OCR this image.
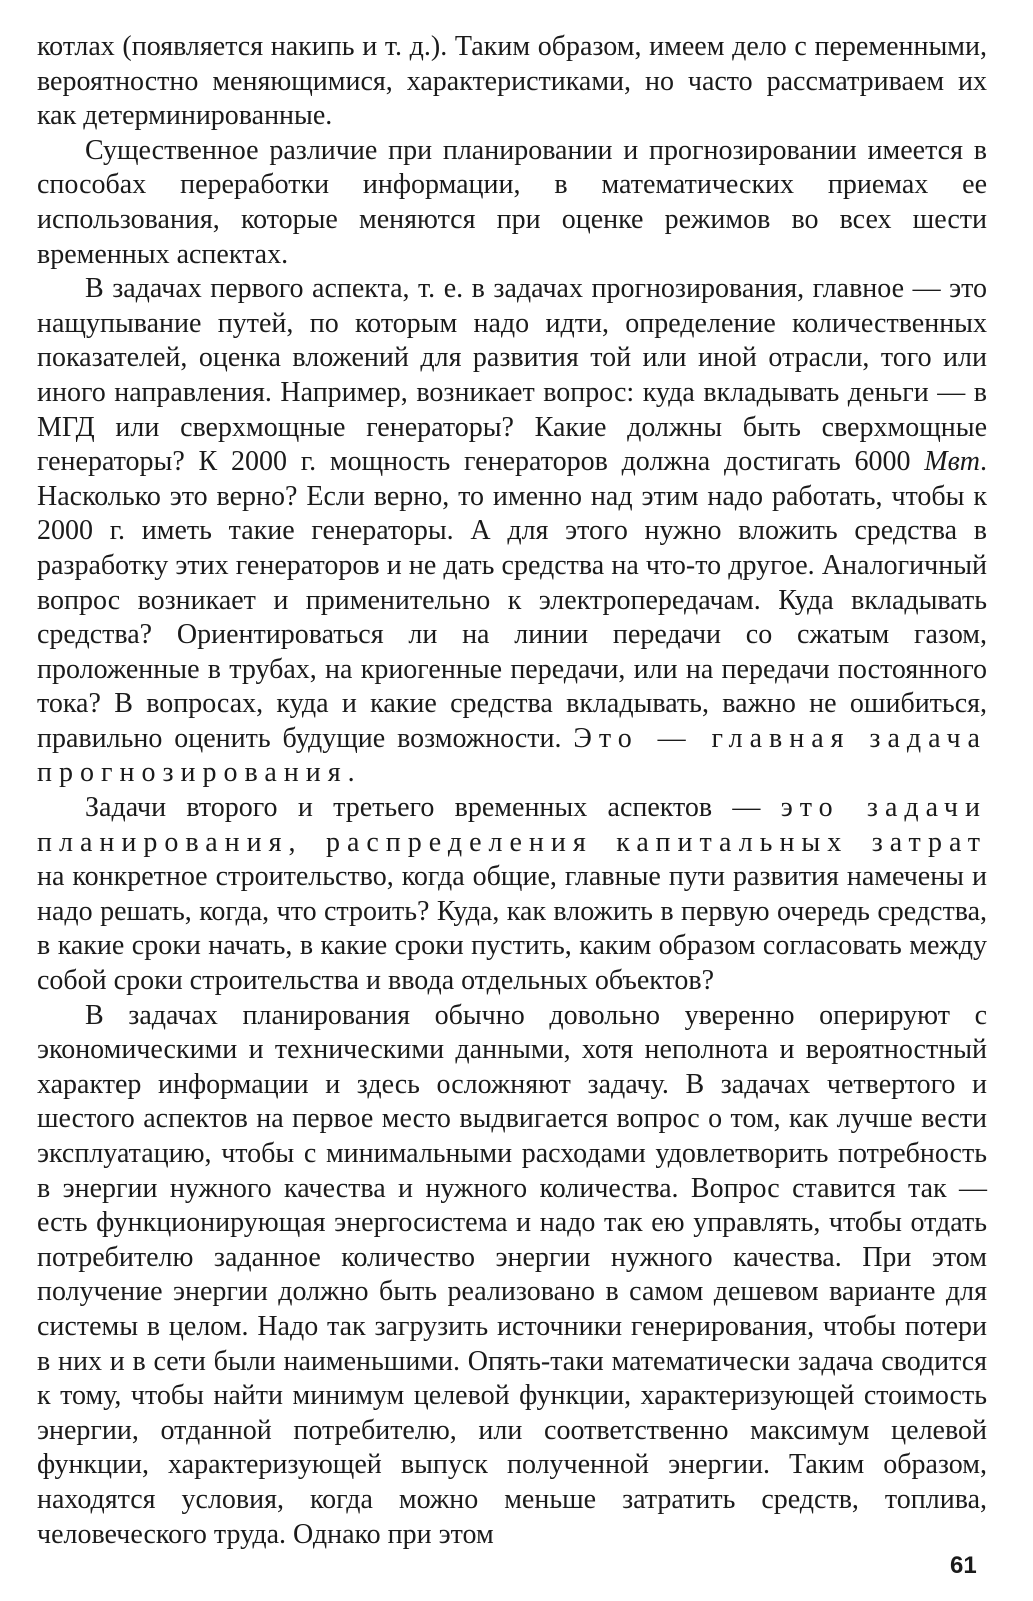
котлах (появляется накипь и т. д.). Таким образом, имеем дело с переменными, вероятностно меняющимися, характеристиками, но часто рассматриваем их как детерминированные.

Существенное различие при планировании и прогнозировании имеется в способах переработки информации, в математических приемах ее использования, которые меняются при оценке режимов во всех шести временных аспектах.

В задачах первого аспекта, т. е. в задачах прогнозирования, главное — это нащупывание путей, по которым надо идти, определение количественных показателей, оценка вложений для развития той или иной отрасли, того или иного направления. Например, возникает вопрос: куда вкладывать деньги — в МГД или сверхмощные генераторы? Какие должны быть сверхмощные генераторы? К 2000 г. мощность генераторов должна достигать 6000 Мвт. Насколько это верно? Если верно, то именно над этим надо работать, чтобы к 2000 г. иметь такие генераторы. А для этого нужно вложить средства в разработку этих генераторов и не дать средства на что-то другое. Аналогичный вопрос возникает и применительно к электропередачам. Куда вкладывать средства? Ориентироваться ли на линии передачи со сжатым газом, проложенные в трубах, на криогенные передачи, или на передачи постоянного тока? В вопросах, куда и какие средства вкладывать, важно не ошибиться, правильно оценить будущие возможности. Это — главная задача прогнозирования.

Задачи второго и третьего временных аспектов — это задачи планирования, распределения капитальных затрат на конкретное строительство, когда общие, главные пути развития намечены и надо решать, когда, что строить? Куда, как вложить в первую очередь средства, в какие сроки начать, в какие сроки пустить, каким образом согласовать между собой сроки строительства и ввода отдельных объектов?

В задачах планирования обычно довольно уверенно оперируют с экономическими и техническими данными, хотя неполнота и вероятностный характер информации и здесь осложняют задачу. В задачах четвертого и шестого аспектов на первое место выдвигается вопрос о том, как лучше вести эксплуатацию, чтобы с минимальными расходами удовлетворить потребность в энергии нужного качества и нужного количества. Вопрос ставится так — есть функционирующая энергосистема и надо так ею управлять, чтобы отдать потребителю заданное количество энергии нужного качества. При этом получение энергии должно быть реализовано в самом дешевом варианте для системы в целом. Надо так загрузить источники генерирования, чтобы потери в них и в сети были наименьшими. Опять-таки математически задача сводится к тому, чтобы найти минимум целевой функции, характеризующей стоимость энергии, отданной потребителю, или соответственно максимум целевой функции, характеризующей выпуск полученной энергии. Таким образом, находятся условия, когда можно меньше затратить средств, топлива, человеческого труда. Однако при этом

61
